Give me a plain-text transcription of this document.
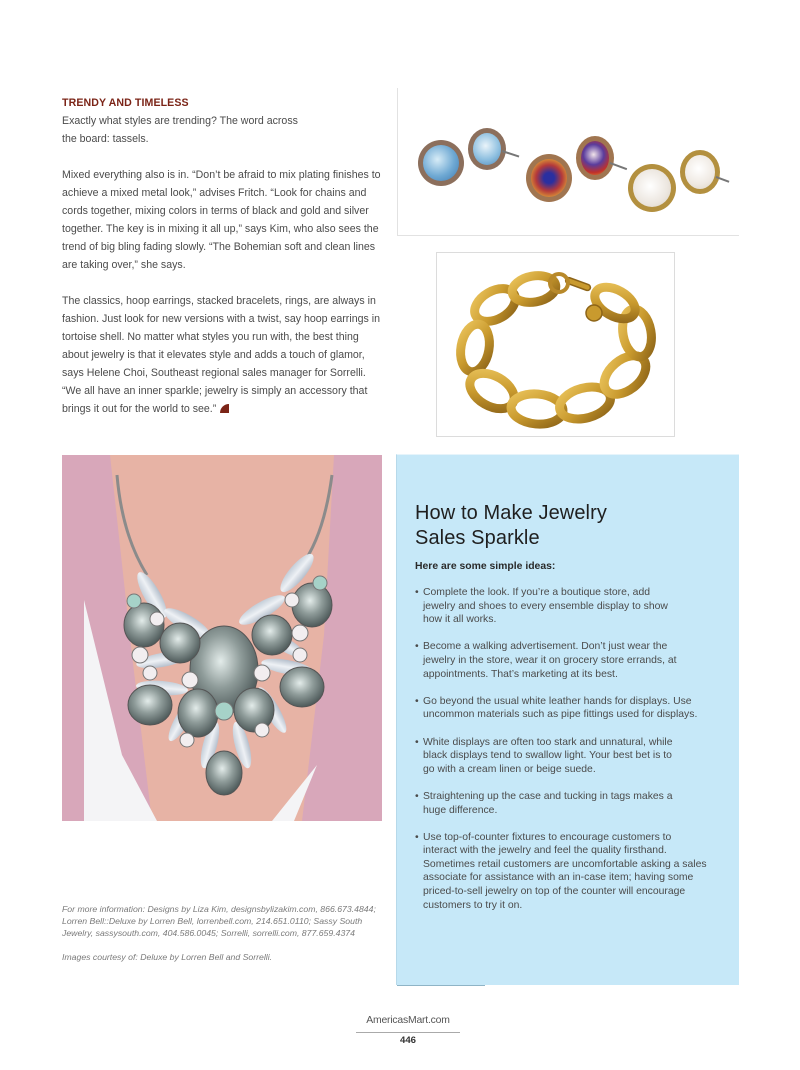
TRENDY AND TIMELESS

Exactly what styles are trending? The word across the board: tassels.

Mixed everything also is in. “Don’t be afraid to mix plating finishes to achieve a mixed metal look,” advises Fritch. “Look for chains and cords together, mixing colors in terms of black and gold and silver together. The key is in mixing it all up,” says Kim, who also sees the trend of big bling fading slowly. “The Bohemian soft and clean lines are taking over,” she says.

The classics, hoop earrings, stacked bracelets, rings, are always in fashion. Just look for new versions with a twist, say hoop earrings in tortoise shell. No matter what styles you run with, the best thing about jewelry is that it elevates style and adds a touch of glamor, says Helene Choi, Southeast regional sales manager for Sorrelli. “We all have an inner sparkle; jewelry is simply an accessory that brings it out for the world to see.”

How to Make Jewelry
Sales Sparkle
Here are some simple ideas:
• Complete the look. If you’re a boutique store, add jewelry and shoes to every ensemble display to show how it all works.
• Become a walking advertisement. Don’t just wear the jewelry in the store, wear it on grocery store errands, at appointments. That’s marketing at its best.
• Go beyond the usual white leather hands for displays. Use uncommon materials such as pipe fittings used for displays.
• White displays are often too stark and unnatural, while black displays tend to swallow light. Your best bet is to go with a cream linen or beige suede.
• Straightening up the case and tucking in tags makes a huge difference.
• Use top-of-counter fixtures to encourage customers to interact with the jewelry and feel the quality firsthand. Sometimes retail customers are uncomfortable asking a sales associate for assistance with an in-case item; having some priced-to-sell jewelry on top of the counter will encourage customers to try it on.

For more information: Designs by Liza Kim, designsbylizakim.com, 866.673.4844; Lorren Bell::Deluxe by Lorren Bell, lorrenbell.com, 214.651.0110; Sassy South Jewelry, sassysouth.com, 404.586.0045; Sorrelli, sorrelli.com, 877.659.4374

Images courtesy of: Deluxe by Lorren Bell and Sorrelli.

AmericasMart.com
446
